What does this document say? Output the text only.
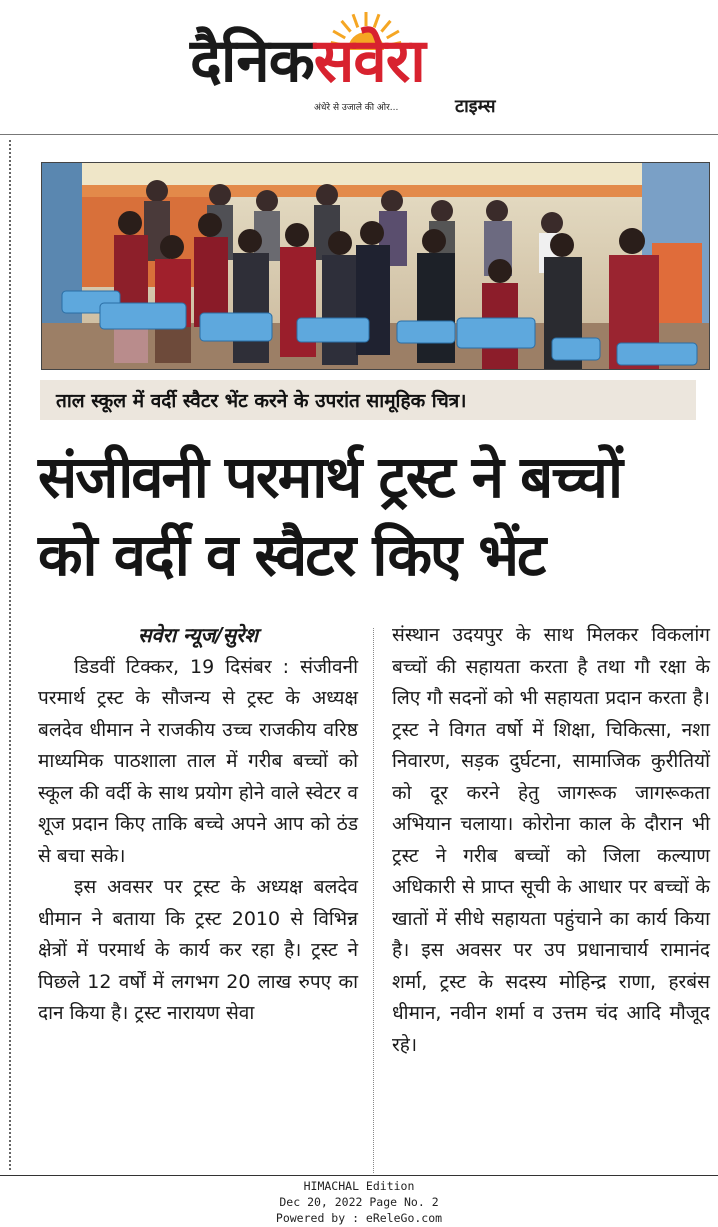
दैनिकसवेरा
अंधेरे से उजाले की ओर...	टाइम्स
ताल स्कूल में वर्दी स्वैटर भेंट करने के उपरांत सामूहिक चित्र।
संजीवनी परमार्थ ट्रस्ट ने बच्चों
को वर्दी व स्वैटर किए भेंट
सवेरा न्यूज/सुरेश

डिडवीं टिक्कर, 19 दिसंबर : संजीवनी परमार्थ ट्रस्ट के सौजन्य से ट्रस्ट के अध्यक्ष बलदेव धीमान ने राजकीय उच्च राजकीय वरिष्ठ माध्यमिक पाठशाला ताल में गरीब बच्चों को स्कूल की वर्दी के साथ प्रयोग होने वाले स्वेटर व शूज प्रदान किए ताकि बच्चे अपने आप को ठंड से बचा सके।

इस अवसर पर ट्रस्ट के अध्यक्ष बलदेव धीमान ने बताया कि ट्रस्ट 2010 से विभिन्न क्षेत्रों में परमार्थ के कार्य कर रहा है। ट्रस्ट ने पिछले 12 वर्षों में लगभग 20 लाख रुपए का दान किया है। ट्रस्ट नारायण सेवा

संस्थान उदयपुर के साथ मिलकर विकलांग बच्चों की सहायता करता है तथा गौ रक्षा के लिए गौ सदनों को भी सहायता प्रदान करता है। ट्रस्ट ने विगत वर्षो में शिक्षा, चिकित्सा, नशा निवारण, सड़क दुर्घटना, सामाजिक कुरीतियों को दूर करने हेतु जागरूक जागरूकता अभियान चलाया। कोरोना काल के दौरान भी ट्रस्ट ने गरीब बच्चों को जिला कल्याण अधिकारी से प्राप्त सूची के आधार पर बच्चों के खातों में सीधे सहायता पहुंचाने का कार्य किया है। इस अवसर पर उप प्रधानाचार्य रामानंद शर्मा, ट्रस्ट के सदस्य मोहिन्द्र राणा, हरबंस धीमान, नवीन शर्मा व उत्तम चंद आदि मौजूद रहे।

HIMACHAL Edition
Dec 20, 2022 Page No. 2
Powered by : eReleGo.com
